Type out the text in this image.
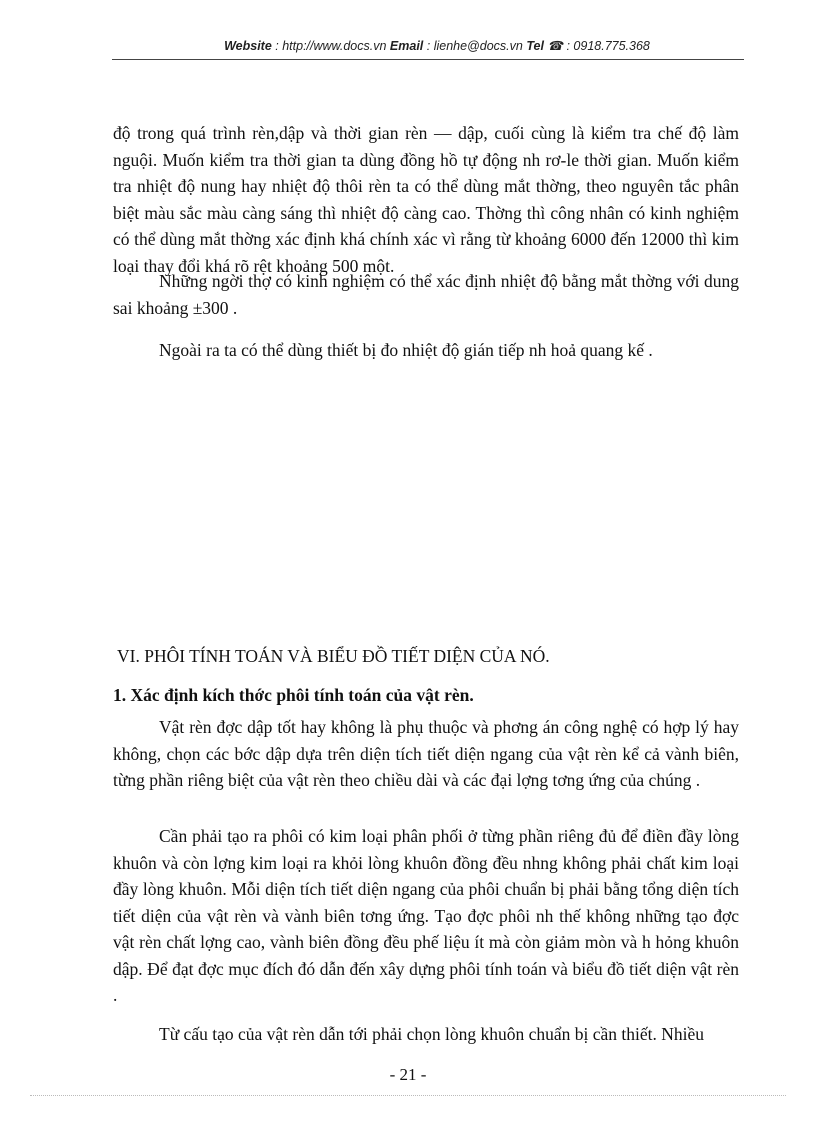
Website : http://www.docs.vn Email : lienhe@docs.vn Tel ☎ : 0918.775.368

độ trong quá trình rèn,dập và thời gian rèn — dập, cuối cùng là kiểm tra chế độ làm nguội. Muốn kiểm tra thời gian ta dùng đồng hồ tự động nh rơ-le thời gian. Muốn kiểm tra nhiệt độ nung hay nhiệt độ thôi rèn ta có thể dùng mắt thờng, theo nguyên tắc phân biệt màu sắc màu càng sáng thì nhiệt độ càng cao. Thờng thì công nhân có kinh nghiệm có thể dùng mắt thờng xác định khá chính xác vì rằng từ khoảng 6000 đến 12000 thì kim loại thay đổi khá rõ rệt khoảng 500 một.

Những ngời thợ có kinh nghiệm có thể xác định nhiệt độ bằng mắt thờng với dung sai khoảng ±300 .

Ngoài ra ta có thể dùng thiết bị đo nhiệt độ gián tiếp nh hoả quang kế .

VI. PHÔI TÍNH TOÁN VÀ BIỂU ĐỒ TIẾT DIỆN CỦA NÓ.
1. Xác định kích thớc phôi tính toán của vật rèn.

Vật rèn đợc dập tốt hay không là phụ thuộc và phơng án công nghệ có hợp lý hay không, chọn các bớc dập dựa trên diện tích tiết diện ngang của vật rèn kể cả vành biên, từng phần riêng biệt của vật rèn theo chiều dài và các đại lợng tơng ứng của chúng .

Cần phải tạo ra phôi có kim loại phân phối ở từng phần riêng đủ để điền đầy lòng khuôn và còn lợng kim loại ra khỏi lòng khuôn đồng đều nhng không phải chất kim loại đầy lòng khuôn. Mỗi diện tích tiết diện ngang của phôi chuẩn bị phải bằng tổng diện tích tiết diện của vật rèn và vành biên tơng ứng. Tạo đợc phôi nh thế không những tạo đợc vật rèn chất lợng cao, vành biên đồng đều phế liệu ít mà còn giảm mòn và h hỏng khuôn dập. Để đạt đợc mục đích đó dẫn đến xây dựng phôi tính toán và biểu đồ tiết diện vật rèn .

Từ cấu tạo của vật rèn dẫn tới phải chọn lòng khuôn chuẩn bị cần thiết. Nhiều

- 21 -
